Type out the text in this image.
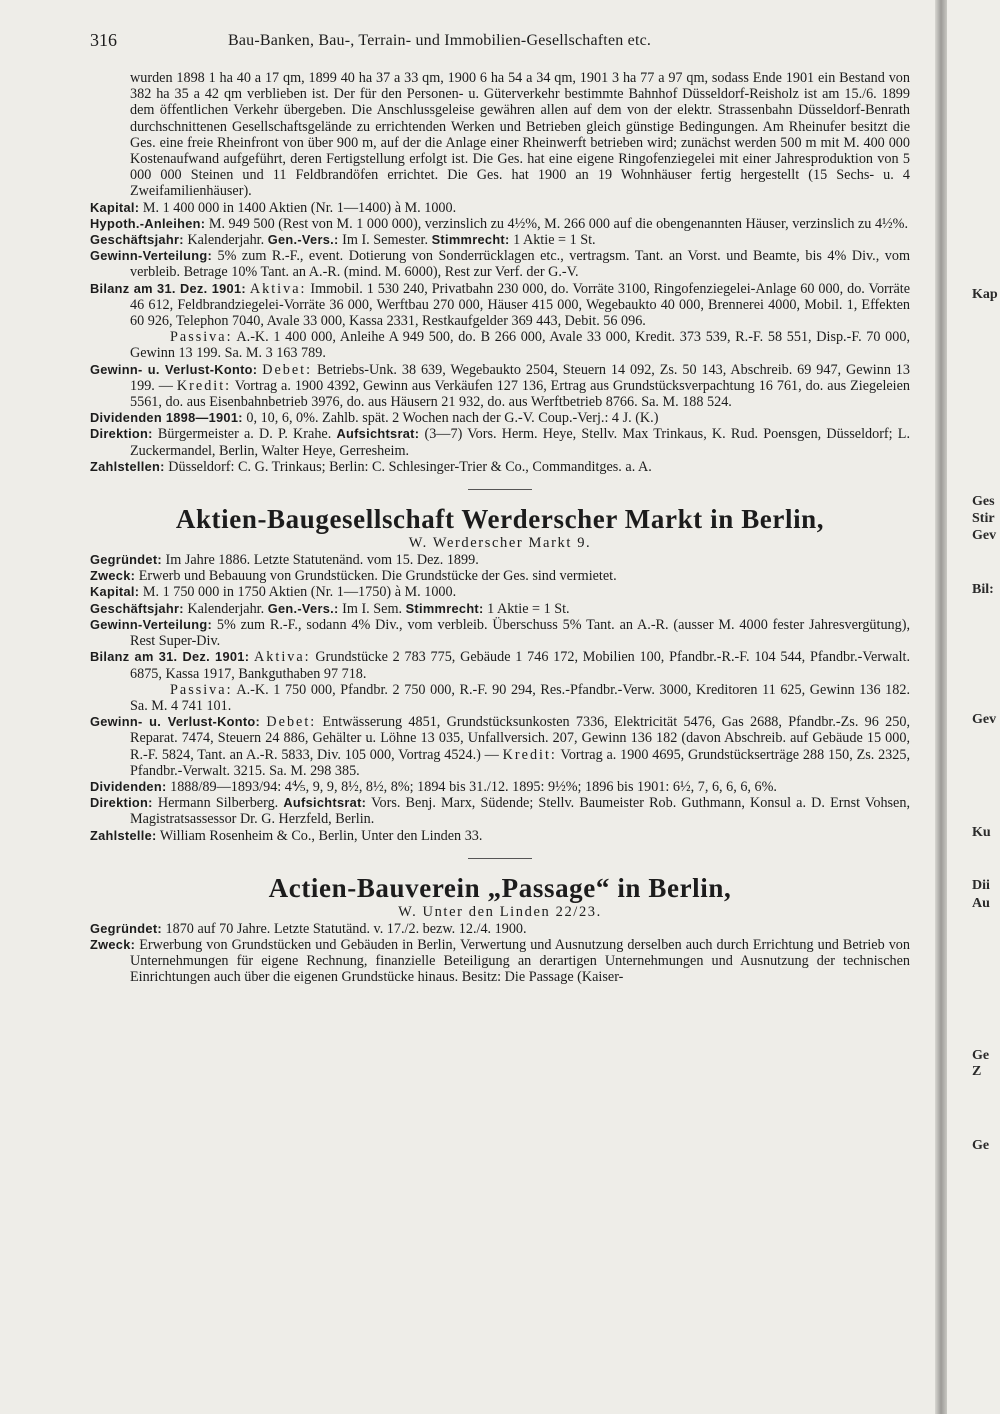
316	Bau-Banken, Bau-, Terrain- und Immobilien-Gesellschaften etc.

wurden 1898 1 ha 40 a 17 qm, 1899 40 ha 37 a 33 qm, 1900 6 ha 54 a 34 qm, 1901 3 ha 77 a 97 qm, sodass Ende 1901 ein Bestand von 382 ha 35 a 42 qm verblieben ist. Der für den Personen- u. Güterverkehr bestimmte Bahnhof Düsseldorf-Reisholz ist am 15./6. 1899 dem öffentlichen Verkehr übergeben. Die Anschlussgeleise gewähren allen auf dem von der elektr. Strassenbahn Düsseldorf-Benrath durchschnittenen Gesellschaftsgelände zu errichtenden Werken und Betrieben gleich günstige Bedingungen. Am Rheinufer besitzt die Ges. eine freie Rheinfront von über 900 m, auf der die Anlage einer Rheinwerft betrieben wird; zunächst werden 500 m mit M. 400 000 Kostenaufwand aufgeführt, deren Fertigstellung erfolgt ist. Die Ges. hat eine eigene Ringofenziegelei mit einer Jahresproduktion von 5 000 000 Steinen und 11 Feldbrandöfen errichtet. Die Ges. hat 1900 an 19 Wohnhäuser fertig hergestellt (15 Sechs- u. 4 Zweifamilienhäuser).

Kapital: M. 1 400 000 in 1400 Aktien (Nr. 1—1400) à M. 1000.

Hypoth.-Anleihen: M. 949 500 (Rest von M. 1 000 000), verzinslich zu 4½%, M. 266 000 auf die obengenannten Häuser, verzinslich zu 4½%.

Geschäftsjahr: Kalenderjahr. Gen.-Vers.: Im I. Semester. Stimmrecht: 1 Aktie = 1 St.

Gewinn-Verteilung: 5% zum R.-F., event. Dotierung von Sonderrücklagen etc., vertragsm. Tant. an Vorst. und Beamte, bis 4% Div., vom verbleib. Betrage 10% Tant. an A.-R. (mind. M. 6000), Rest zur Verf. der G.-V.

Bilanz am 31. Dez. 1901: Aktiva: Immobil. 1 530 240, Privatbahn 230 000, do. Vorräte 3100, Ringofenziegelei-Anlage 60 000, do. Vorräte 46 612, Feldbrandziegelei-Vorräte 36 000, Werftbau 270 000, Häuser 415 000, Wegebaukto 40 000, Brennerei 4000, Mobil. 1, Effekten 60 926, Telephon 7040, Avale 33 000, Kassa 2331, Restkaufgelder 369 443, Debit. 56 096.

Passiva: A.-K. 1 400 000, Anleihe A 949 500, do. B 266 000, Avale 33 000, Kredit. 373 539, R.-F. 58 551, Disp.-F. 70 000, Gewinn 13 199. Sa. M. 3 163 789.

Gewinn- u. Verlust-Konto: Debet: Betriebs-Unk. 38 639, Wegebaukto 2504, Steuern 14 092, Zs. 50 143, Abschreib. 69 947, Gewinn 13 199. — Kredit: Vortrag a. 1900 4392, Gewinn aus Verkäufen 127 136, Ertrag aus Grundstücksverpachtung 16 761, do. aus Ziegeleien 5561, do. aus Eisenbahnbetrieb 3976, do. aus Häusern 21 932, do. aus Werftbetrieb 8766. Sa. M. 188 524.

Dividenden 1898—1901: 0, 10, 6, 0%. Zahlb. spät. 2 Wochen nach der G.-V. Coup.-Verj.: 4 J. (K.)

Direktion: Bürgermeister a. D. P. Krahe. Aufsichtsrat: (3—7) Vors. Herm. Heye, Stellv. Max Trinkaus, K. Rud. Poensgen, Düsseldorf; L. Zuckermandel, Berlin, Walter Heye, Gerresheim.

Zahlstellen: Düsseldorf: C. G. Trinkaus; Berlin: C. Schlesinger-Trier & Co., Commanditges. a. A.

Aktien-Baugesellschaft Werderscher Markt in Berlin,

W. Werderscher Markt 9.

Gegründet: Im Jahre 1886. Letzte Statutenänd. vom 15. Dez. 1899.

Zweck: Erwerb und Bebauung von Grundstücken. Die Grundstücke der Ges. sind vermietet.

Kapital: M. 1 750 000 in 1750 Aktien (Nr. 1—1750) à M. 1000.

Geschäftsjahr: Kalenderjahr. Gen.-Vers.: Im I. Sem. Stimmrecht: 1 Aktie = 1 St.

Gewinn-Verteilung: 5% zum R.-F., sodann 4% Div., vom verbleib. Überschuss 5% Tant. an A.-R. (ausser M. 4000 fester Jahresvergütung), Rest Super-Div.

Bilanz am 31. Dez. 1901: Aktiva: Grundstücke 2 783 775, Gebäude 1 746 172, Mobilien 100, Pfandbr.-R.-F. 104 544, Pfandbr.-Verwalt. 6875, Kassa 1917, Bankguthaben 97 718.

Passiva: A.-K. 1 750 000, Pfandbr. 2 750 000, R.-F. 90 294, Res.-Pfandbr.-Verw. 3000, Kreditoren 11 625, Gewinn 136 182. Sa. M. 4 741 101.

Gewinn- u. Verlust-Konto: Debet: Entwässerung 4851, Grundstücksunkosten 7336, Elektricität 5476, Gas 2688, Pfandbr.-Zs. 96 250, Reparat. 7474, Steuern 24 886, Gehälter u. Löhne 13 035, Unfallversich. 207, Gewinn 136 182 (davon Abschreib. auf Gebäude 15 000, R.-F. 5824, Tant. an A.-R. 5833, Div. 105 000, Vortrag 4524.) — Kredit: Vortrag a. 1900 4695, Grundstückserträge 288 150, Zs. 2325, Pfandbr.-Verwalt. 3215. Sa. M. 298 385.

Dividenden: 1888/89—1893/94: 4⅘, 9, 9, 8½, 8½, 8%; 1894 bis 31./12. 1895: 9½%; 1896 bis 1901: 6½, 7, 6, 6, 6, 6%.

Direktion: Hermann Silberberg. Aufsichtsrat: Vors. Benj. Marx, Südende; Stellv. Baumeister Rob. Guthmann, Konsul a. D. Ernst Vohsen, Magistratsassessor Dr. G. Herzfeld, Berlin.

Zahlstelle: William Rosenheim & Co., Berlin, Unter den Linden 33.

Actien-Bauverein „Passage“ in Berlin,

W. Unter den Linden 22/23.

Gegründet: 1870 auf 70 Jahre. Letzte Statutänd. v. 17./2. bezw. 12./4. 1900.

Zweck: Erwerbung von Grundstücken und Gebäuden in Berlin, Verwertung und Ausnutzung derselben auch durch Errichtung und Betrieb von Unternehmungen für eigene Rechnung, finanzielle Beteiligung an derartigen Unternehmungen und Ausnutzung der technischen Einrichtungen auch über die eigenen Grundstücke hinaus. Besitz: Die Passage (Kaiser-

Kap
Ges
Stir
Gev
Bil:
Gev
Ku
Dii
Au
Ge
Z
Ge
